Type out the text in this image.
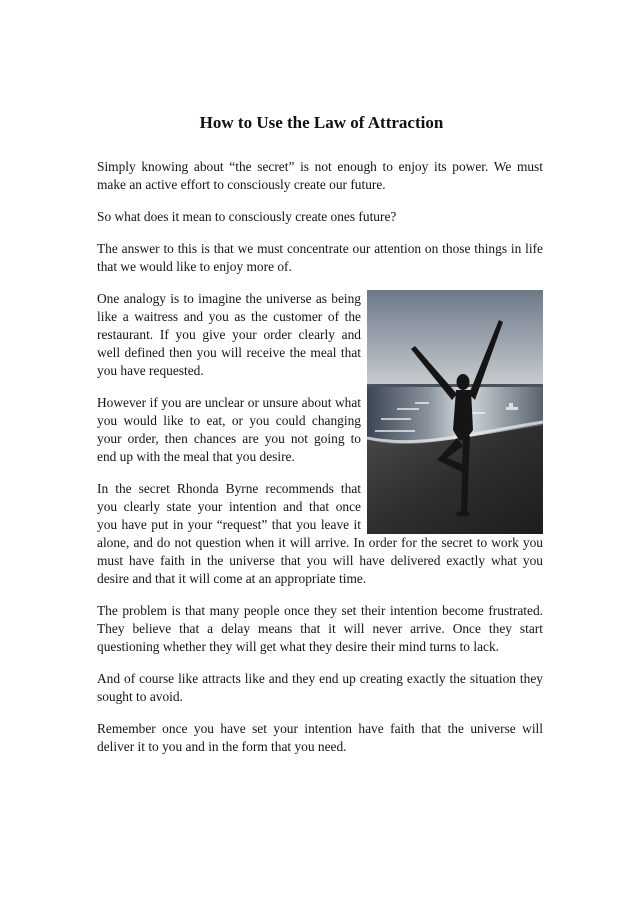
How to Use the Law of Attraction

Simply knowing about “the secret” is not enough to enjoy its power. We must make an active effort to consciously create our future.

So what does it mean to consciously create ones future?

The answer to this is that we must concentrate our attention on those things in life that we would like to enjoy more of.

One analogy is to imagine the universe as being like a waitress and you as the customer of the restaurant. If you give your order clearly and well defined then you will receive the meal that you have requested.

However if you are unclear or unsure about what you would like to eat, or you could changing your order, then chances are you not going to end up with the meal that you desire.

In the secret Rhonda Byrne recommends that you clearly state your intention and that once you have put in your “request” that you leave it alone, and do not question when it will arrive. In order for the secret to work you must have faith in the universe that you will have delivered exactly what you desire and that it will come at an appropriate time.

The problem is that many people once they set their intention become frustrated. They believe that a delay means that it will never arrive. Once they start questioning whether they will get what they desire their mind turns to lack.

And of course like attracts like and they end up creating exactly the situation they sought to avoid.

Remember once you have set your intention have faith that the universe will deliver it to you and in the form that you need.
